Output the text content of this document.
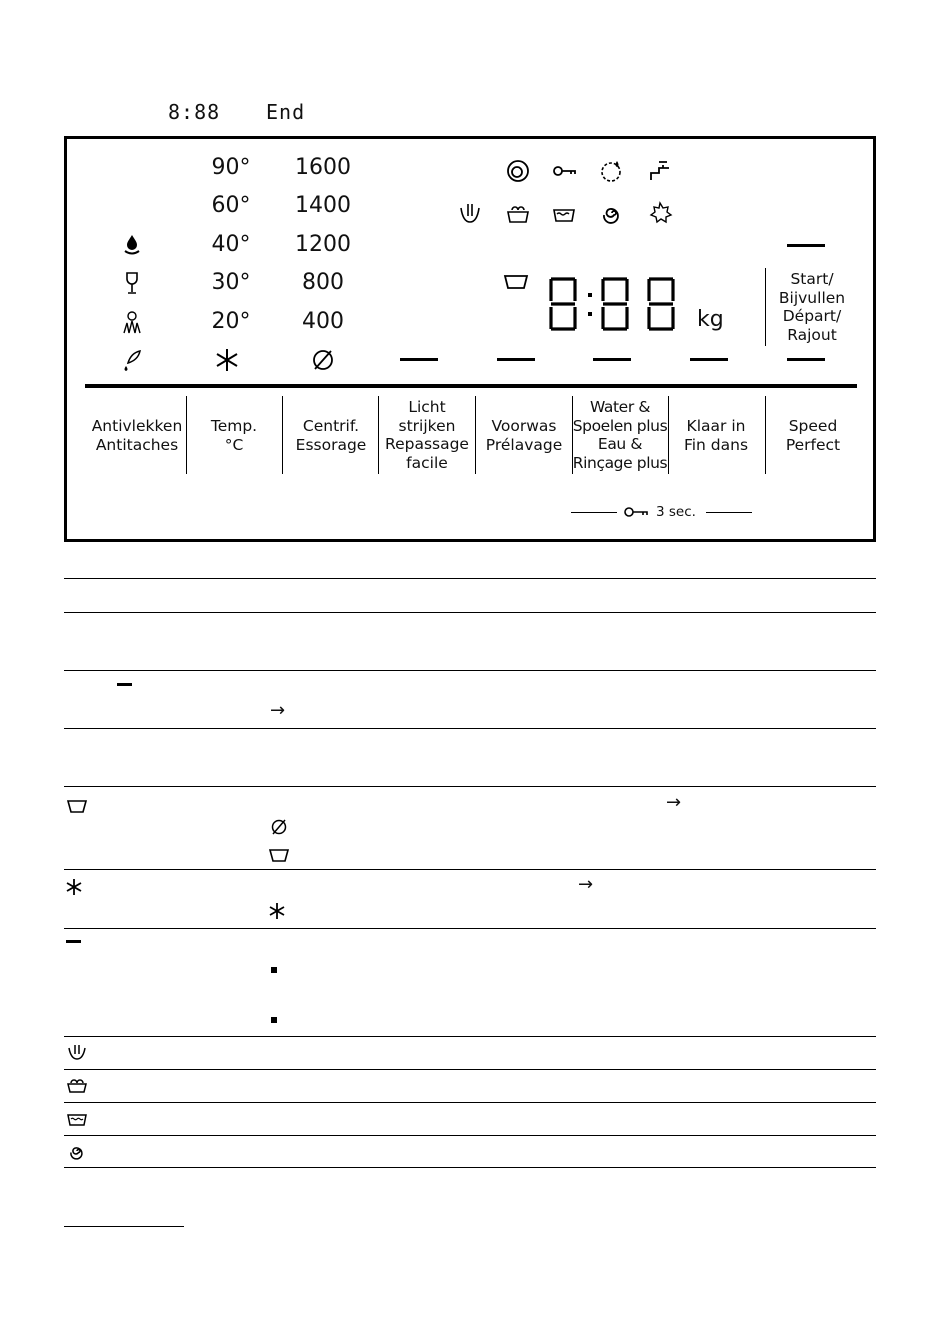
8:88 End
90°
60°
40°
30°
20°
1600
1400
1200
800
400	kg
Start/
Bijvullen
Départ/
Rajout
Antivlekken
Antitaches
Temp.
°C
Centrif.
Essorage
Licht
strijken
Repassage
facile
Voorwas
Prélavage
Water &
Spoelen plus
Eau &
Rinçage plus
Klaar in
Fin dans
Speed
Perfect
3 sec.
→
→
→
